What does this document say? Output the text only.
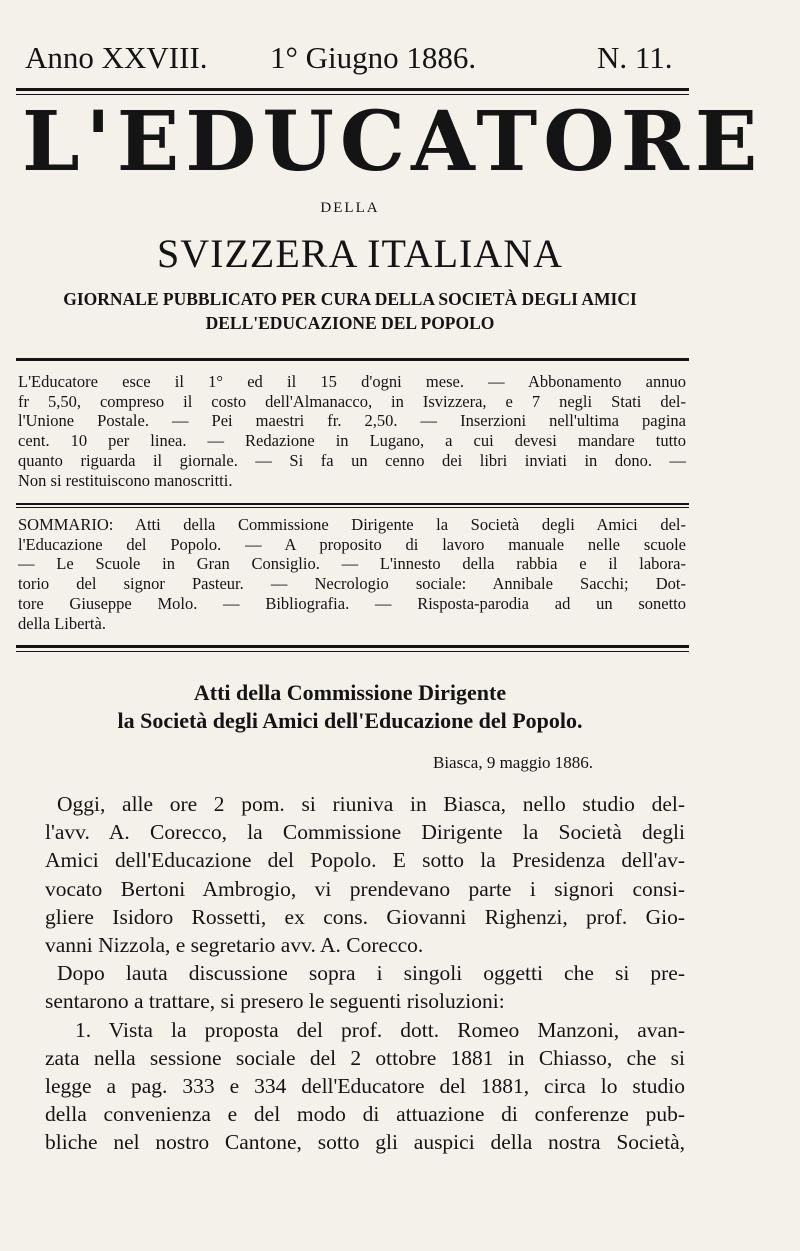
Anno XXVIII. 1° Giugno 1886.	N. 11.
L'EDUCATORE
DELLA
SVIZZERA ITALIANA
GIORNALE PUBBLICATO PER CURA DELLA SOCIETÀ DEGLI AMICI
DELL'EDUCAZIONE DEL POPOLO
L'Educatore esce il 1° ed il 15 d'ogni mese. — Abbonamento annuo
fr 5,50, compreso il costo dell'Almanacco, in Isvizzera, e 7 negli Stati del-
l'Unione Postale. — Pei maestri fr. 2,50. — Inserzioni nell'ultima pagina
cent. 10 per linea. — Redazione in Lugano, a cui devesi mandare tutto
quanto riguarda il giornale. — Si fa un cenno dei libri inviati in dono. —
Non si restituiscono manoscritti.
SOMMARIO: Atti della Commissione Dirigente la Società degli Amici del-
l'Educazione del Popolo. — A proposito di lavoro manuale nelle scuole
— Le Scuole in Gran Consiglio. — L'innesto della rabbia e il labora-
torio del signor Pasteur. — Necrologio sociale: Annibale Sacchi; Dot-
tore Giuseppe Molo. — Bibliografia. — Risposta-parodia ad un sonetto
della Libertà.
Atti della Commissione Dirigente
la Società degli Amici dell'Educazione del Popolo.
Biasca, 9 maggio 1886.
Oggi, alle ore 2 pom. si riuniva in Biasca, nello studio del-
l'avv. A. Corecco, la Commissione Dirigente la Società degli
Amici dell'Educazione del Popolo. E sotto la Presidenza dell'av-
vocato Bertoni Ambrogio, vi prendevano parte i signori consi-
gliere Isidoro Rossetti, ex cons. Giovanni Righenzi, prof. Gio-
vanni Nizzola, e segretario avv. A. Corecco.
Dopo lauta discussione sopra i singoli oggetti che si pre-
sentarono a trattare, si presero le seguenti risoluzioni:
1. Vista la proposta del prof. dott. Romeo Manzoni, avan-
zata nella sessione sociale del 2 ottobre 1881 in Chiasso, che si
legge a pag. 333 e 334 dell'Educatore del 1881, circa lo studio
della convenienza e del modo di attuazione di conferenze pub-
bliche nel nostro Cantone, sotto gli auspici della nostra Società,
